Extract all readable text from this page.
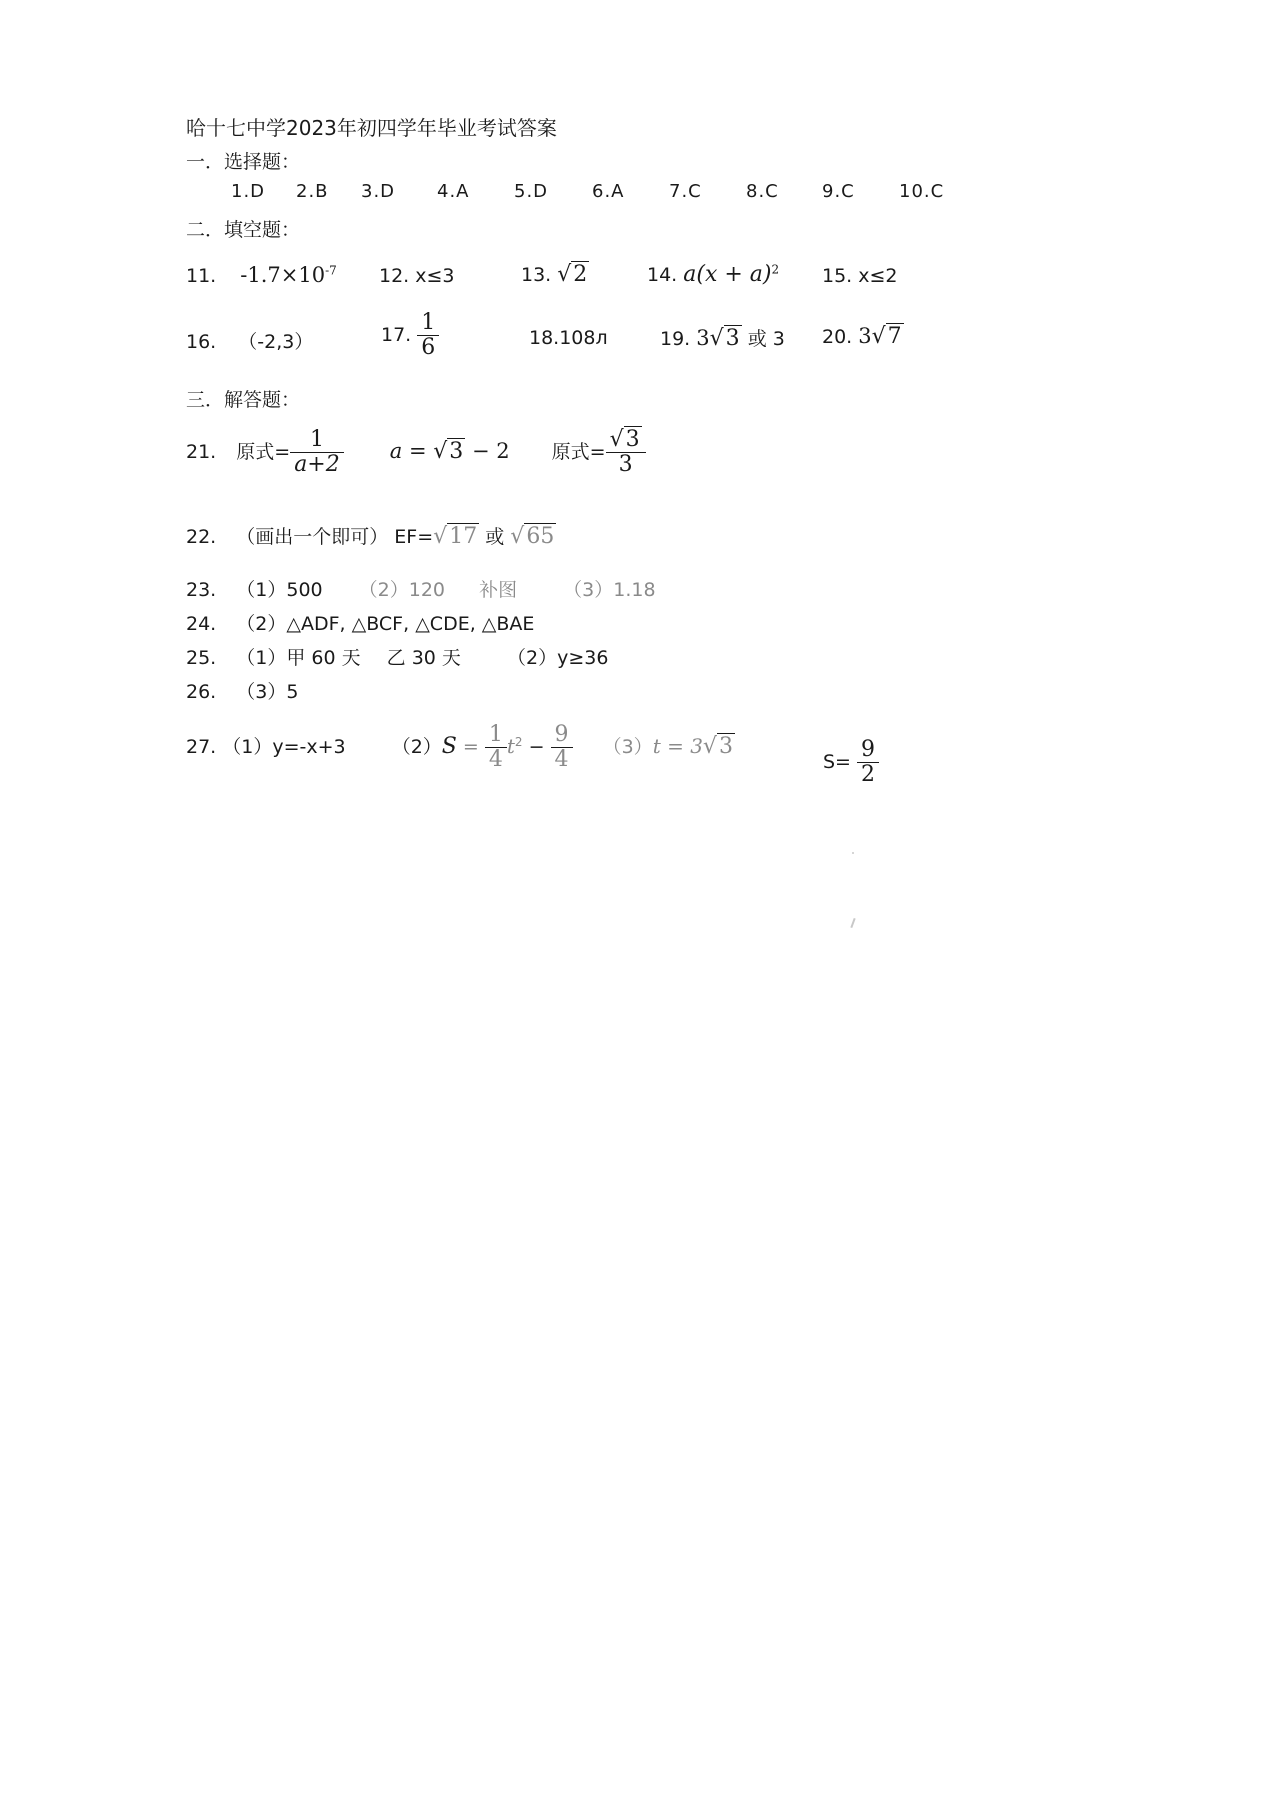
哈十七中学2023年初四学年毕业考试答案
一．选择题：
1.D 2.B 3.D 4.A 5.D 6.A 7.C 8.C 9.C 10.C
二．填空题：
11. $-1.7\times 10^{-7}$ 12. x≤3	13. √2	14. $a(x + a)^2$ 15. x≤2
16. （-2,3）	17. $\frac{1}{6}$	18.108л	19. 3√3 或 3 20. 3√7
三．解答题：
21. 原式= $\frac{1}{a+2}$ a = √3 − 2 原式= $\frac{√3}{3}$
22. （画出一个即可） EF=√17 或 √65
23. （1）500 （2）120 补图 （3）1.18
24. （2）△ADF, △BCF, △CDE, △BAE
25. （1）甲 60 天 乙 30 天 （2）y≥36
26. （3）5
27. （1）y=-x+3 $(2)S = \frac{1}{4} t^2 - \frac{9}{4} (3)t = 3√3$
$S= \frac{9}{2}$
